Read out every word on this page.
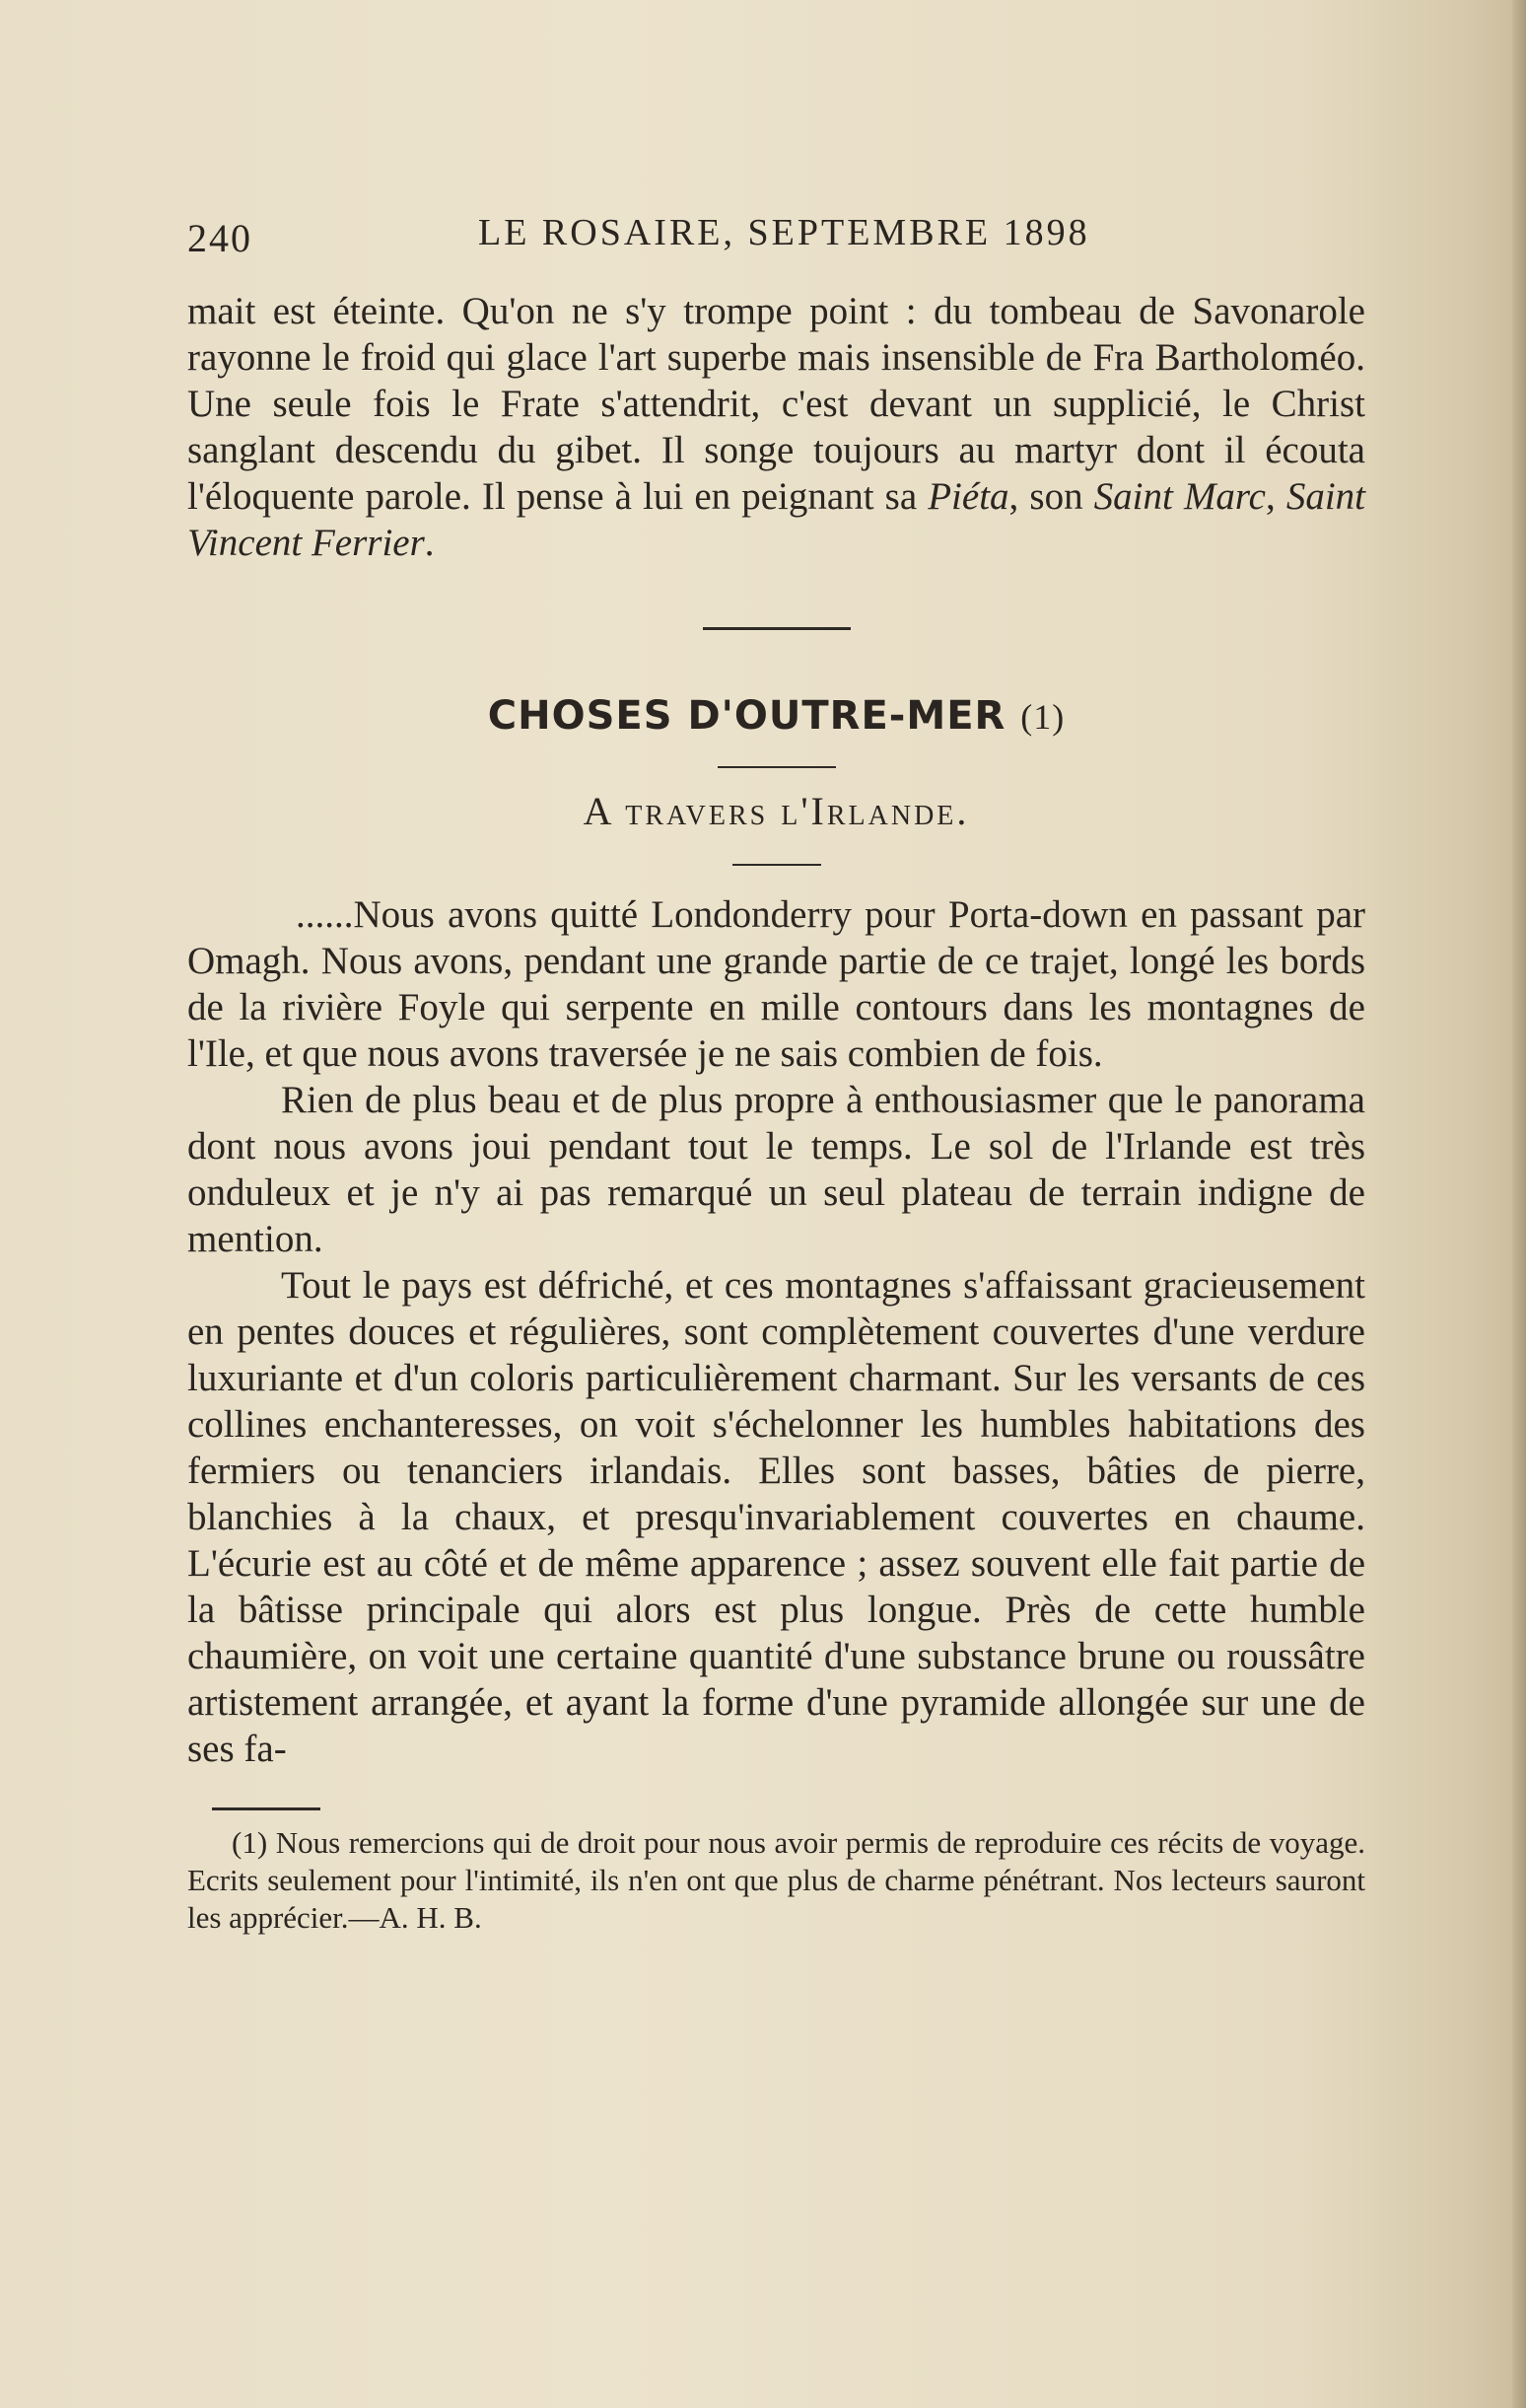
240	LE ROSAIRE, SEPTEMBRE 1898

mait est éteinte. Qu'on ne s'y trompe point : du tombeau de Savonarole rayonne le froid qui glace l'art superbe mais insensible de Fra Bartholoméo. Une seule fois le Frate s'attendrit, c'est devant un supplicié, le Christ sanglant descendu du gibet. Il songe toujours au martyr dont il écouta l'éloquente parole. Il pense à lui en peignant sa Piéta, son Saint Marc, Saint Vincent Ferrier.

CHOSES D'OUTRE-MER (1)
A travers l'Irlande.

......Nous avons quitté Londonderry pour Porta-down en passant par Omagh. Nous avons, pendant une grande partie de ce trajet, longé les bords de la rivière Foyle qui serpente en mille contours dans les montagnes de l'Ile, et que nous avons traversée je ne sais combien de fois.

Rien de plus beau et de plus propre à enthousiasmer que le panorama dont nous avons joui pendant tout le temps. Le sol de l'Irlande est très onduleux et je n'y ai pas remarqué un seul plateau de terrain indigne de mention.

Tout le pays est défriché, et ces montagnes s'affaissant gracieusement en pentes douces et régulières, sont complètement couvertes d'une verdure luxuriante et d'un coloris particulièrement charmant. Sur les versants de ces collines enchanteresses, on voit s'échelonner les humbles habitations des fermiers ou tenanciers irlandais. Elles sont basses, bâties de pierre, blanchies à la chaux, et presqu'invariablement couvertes en chaume. L'écurie est au côté et de même apparence ; assez souvent elle fait partie de la bâtisse principale qui alors est plus longue. Près de cette humble chaumière, on voit une certaine quantité d'une substance brune ou roussâtre artistement arrangée, et ayant la forme d'une pyramide allongée sur une de ses fa-

(1) Nous remercions qui de droit pour nous avoir permis de reproduire ces récits de voyage. Ecrits seulement pour l'intimité, ils n'en ont que plus de charme pénétrant. Nos lecteurs sauront les apprécier.—A. H. B.
